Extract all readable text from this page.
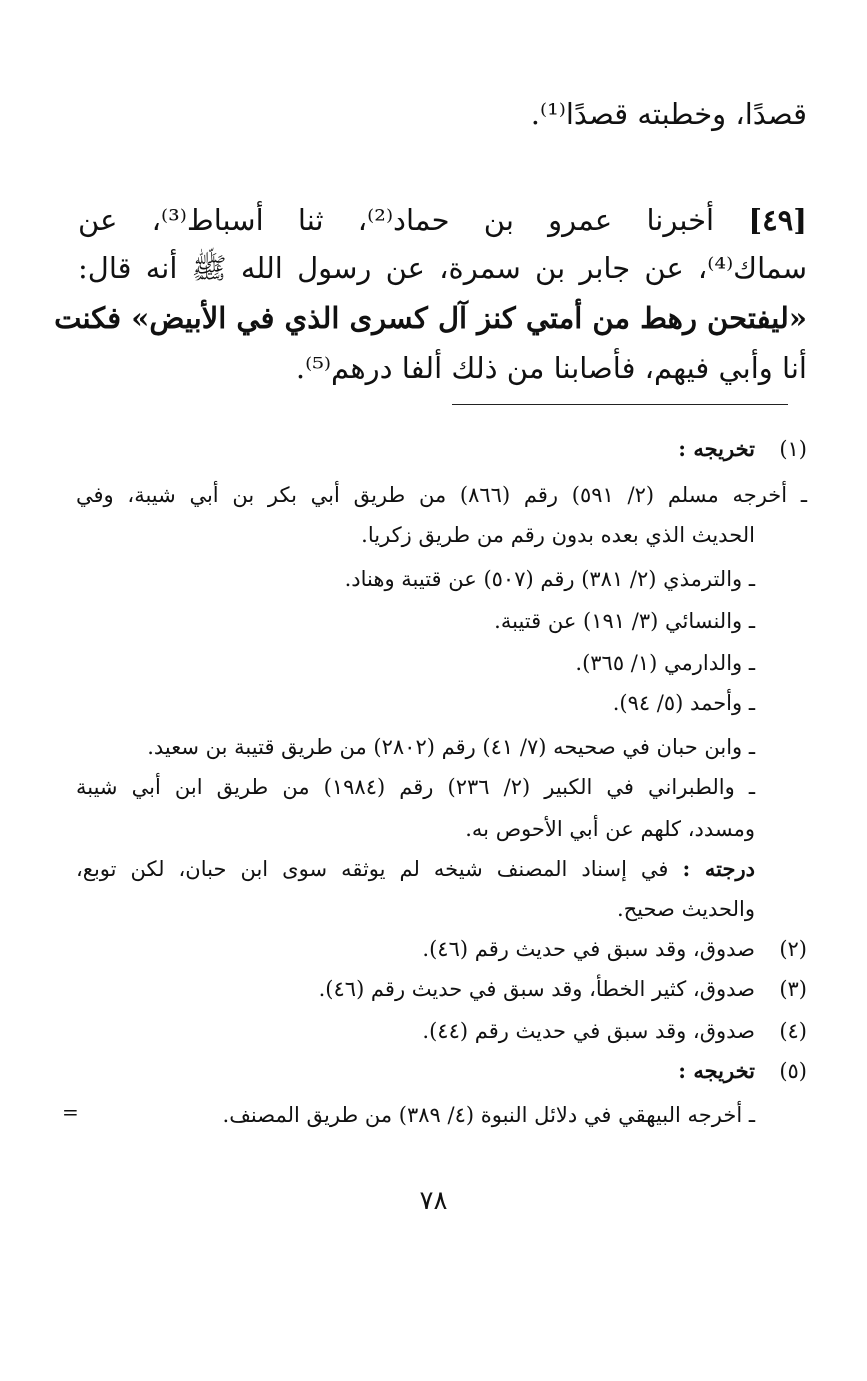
قصدًا، وخطبته قصدًا⁽¹⁾.
[٤٩] أخبرنا عمرو بن حماد⁽²⁾، ثنا أسباط⁽³⁾، عن
سماك⁽⁴⁾، عن جابر بن سمرة، عن رسول الله ﷺ أنه قال:
«ليفتحن رهط من أمتي كنز آل كسرى الذي في الأبيض» فكنت
أنا وأبي فيهم، فأصابنا من ذلك ألفا درهم⁽⁵⁾.
(١)
تخريجه :
ـ أخرجه مسلم (٢/ ٥٩١) رقم (٨٦٦) من طريق أبي بكر بن أبي شيبة، وفي
الحديث الذي بعده بدون رقم من طريق زكريا.
ـ والترمذي (٢/ ٣٨١) رقم (٥٠٧) عن قتيبة وهناد.
ـ والنسائي (٣/ ١٩١) عن قتيبة.
ـ والدارمي (١/ ٣٦٥).
ـ وأحمد (٥/ ٩٤).
ـ وابن حبان في صحيحه (٧/ ٤١) رقم (٢٨٠٢) من طريق قتيبة بن سعيد.
ـ والطبراني في الكبير (٢/ ٢٣٦) رقم (١٩٨٤) من طريق ابن أبي شيبة
ومسدد، كلهم عن أبي الأحوص به.
درجته : في إسناد المصنف شيخه لم يوثقه سوى ابن حبان، لكن توبع،
والحديث صحيح.
(٢)
صدوق، وقد سبق في حديث رقم (٤٦).
(٣)
صدوق، كثير الخطأ، وقد سبق في حديث رقم (٤٦).
(٤)
صدوق، وقد سبق في حديث رقم (٤٤).
(٥)
تخريجه :
ـ أخرجه البيهقي في دلائل النبوة (٤/ ٣٨٩) من طريق المصنف.
=
٧٨
